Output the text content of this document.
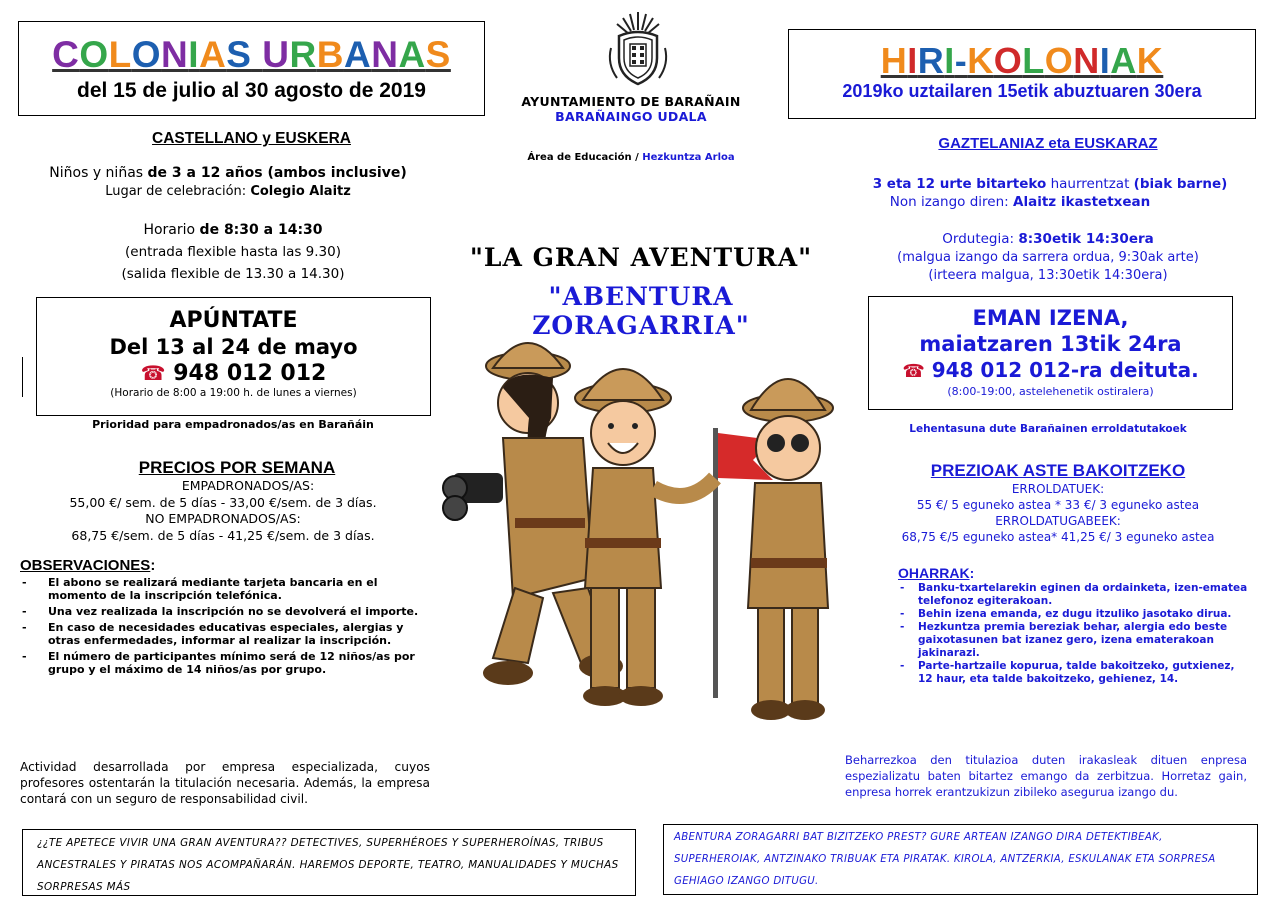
COLONIAS URBANAS
del 15 de julio al 30 agosto de 2019
CASTELLANO y EUSKERA
Niños y niñas de 3 a 12 años (ambos inclusive)
Lugar de celebración: Colegio Alaitz
Horario de 8:30 a 14:30
(entrada flexible hasta las 9.30)
(salida flexible de 13.30 a 14.30)
APÚNTATE
Del 13 al 24 de mayo
☎ 948 012 012
(Horario de 8:00 a 19:00 h. de lunes a viernes)
Prioridad para empadronados/as en Barañáin
PRECIOS POR SEMANA
EMPADRONADOS/AS:
55,00 €/ sem. de 5 días - 33,00 €/sem. de 3 días.
NO EMPADRONADOS/AS:
68,75 €/sem. de 5 días - 41,25 €/sem. de 3 días.
OBSERVACIONES:
- El abono se realizará mediante tarjeta bancaria en el momento de la inscripción telefónica.
- Una vez realizada la inscripción no se devolverá el importe.
- En caso de necesidades educativas especiales, alergias y otras enfermedades, informar al realizar la inscripción.
- El número de participantes mínimo será de 12 niños/as por grupo y el máximo de 14 niños/as por grupo.
Actividad desarrollada por empresa especializada, cuyos profesores ostentarán la titulación necesaria. Además, la empresa contará con un seguro de responsabilidad civil.
¿¿TE APETECE VIVIR UNA GRAN AVENTURA?? DETECTIVES, SUPERHÉROES Y SUPERHEROÍNAS, TRIBUS ANCESTRALES Y PIRATAS NOS ACOMPAÑARÁN. HAREMOS DEPORTE, TEATRO, MANUALIDADES Y MUCHAS SORPRESAS MÁS
AYUNTAMIENTO DE BARAÑAIN
BARAÑAINGO UDALA
Área de Educación / Hezkuntza Arloa
"LA GRAN AVENTURA"
"ABENTURA ZORAGARRIA"
HIRI-KOLONIAK
2019ko uztailaren 15etik abuztuaren 30era
GAZTELANIAZ eta EUSKARAZ
3 eta 12 urte bitarteko haurrentzat (biak barne)
Non izango diren: Alaitz ikastetxean
Ordutegia: 8:30etik 14:30era
(malgua izango da sarrera ordua, 9:30ak arte)
(irteera malgua, 13:30etik 14:30era)
EMAN IZENA,
maiatzaren 13tik 24ra
☎ 948 012 012-ra deituta.
(8:00-19:00, astelehenetik ostiralera)
Lehentasuna dute Barañainen erroldatutakoek
PREZIOAK ASTE BAKOITZEKO
ERROLDATUEK:
55 €/ 5 eguneko astea * 33 €/ 3 eguneko astea
ERROLDATUGABEEK:
68,75 €/5 eguneko astea* 41,25 €/ 3 eguneko astea
OHARRAK:
- Banku-txartelarekin eginen da ordainketa, izen-ematea telefonoz egiterakoan.
- Behin izena emanda, ez dugu itzuliko jasotako dirua.
- Hezkuntza premia bereziak behar, alergia edo beste gaixotasunen bat izanez gero, izena ematerakoan jakinarazi.
- Parte-hartzaile kopurua, talde bakoitzeko, gutxienez, 12 haur, eta talde bakoitzeko, gehienez, 14.
Beharrezkoa den titulazioa duten irakasleak dituen enpresa espezializatu baten bitartez emango da zerbitzua. Horretaz gain, enpresa horrek erantzukizun zibileko asegurua izango du.
ABENTURA ZORAGARRI BAT BIZITZEKO PREST? GURE ARTEAN IZANGO DIRA DETEKTIBEAK, SUPERHEROIAK, ANTZINAKO TRIBUAK ETA PIRATAK. KIROLA, ANTZERKIA, ESKULANAK ETA SORPRESA GEHIAGO IZANGO DITUGU.
